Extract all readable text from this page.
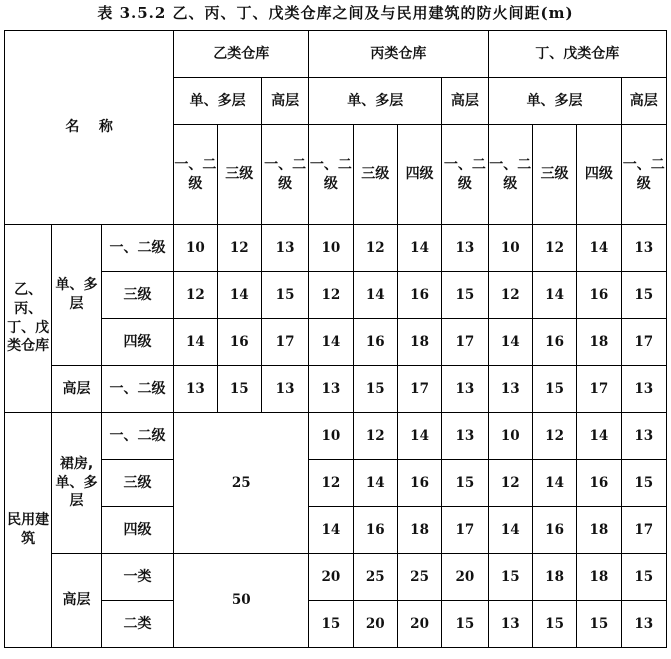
表 3.5.2 乙、丙、丁、戊类仓库之间及与民用建筑的防火间距(m)
名    称			乙类仓库			丙类仓库				丁、戊类仓库			
			单、多层		高层	单、多层			高层	单、多层			高层
			一、二级	三级	一、二级	一、二级	三级	四级	一、二级	一、二级	三级	四级	一、二级
乙、丙、丁、戊类仓库	单、多层	一、二级	10	12	13	10	12	14	13	10	12	14	13
		三级	12	14	15	12	14	16	15	12	14	16	15
		四级	14	16	17	14	16	18	17	14	16	18	17
	高层	一、二级	13	15	13	13	15	17	13	13	15	17	13
民用建筑	裙房,单、多层	一、二级	25			10	12	14	13	10	12	14	13
		三级				12	14	16	15	12	14	16	15
		四级				14	16	18	17	14	16	18	17
	高层	一类	50			20	25	25	20	15	18	18	15
		二类				15	20	20	15	13	15	15	13
